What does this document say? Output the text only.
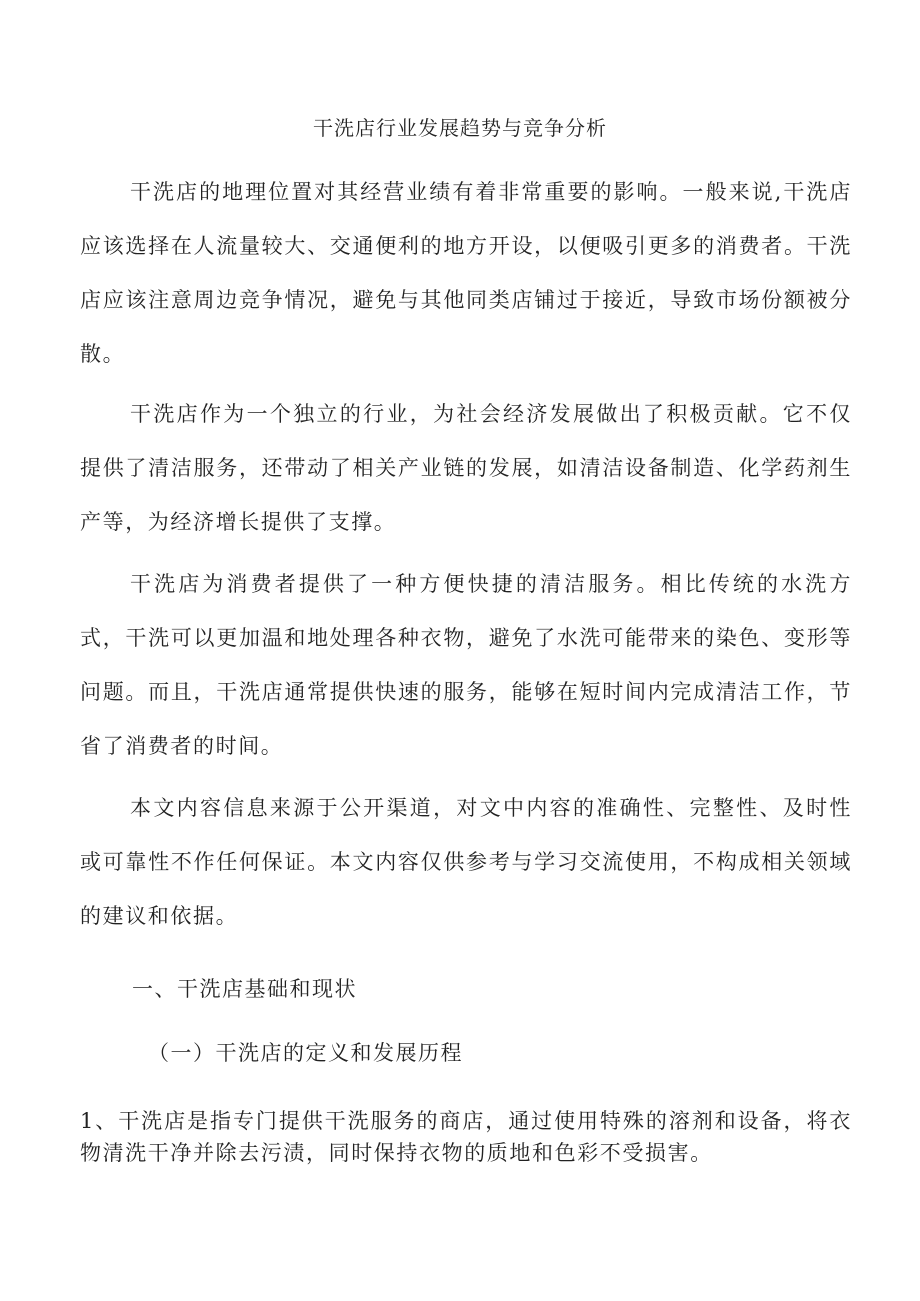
干洗店行业发展趋势与竞争分析

干洗店的地理位置对其经营业绩有着非常重要的影响。一般来说,干洗店应该选择在人流量较大、交通便利的地方开设，以便吸引更多的消费者。干洗店应该注意周边竞争情况，避免与其他同类店铺过于接近，导致市场份额被分散。

干洗店作为一个独立的行业，为社会经济发展做出了积极贡献。它不仅提供了清洁服务，还带动了相关产业链的发展，如清洁设备制造、化学药剂生产等，为经济增长提供了支撑。

干洗店为消费者提供了一种方便快捷的清洁服务。相比传统的水洗方式，干洗可以更加温和地处理各种衣物，避免了水洗可能带来的染色、变形等问题。而且，干洗店通常提供快速的服务，能够在短时间内完成清洁工作，节省了消费者的时间。

本文内容信息来源于公开渠道，对文中内容的准确性、完整性、及时性或可靠性不作任何保证。本文内容仅供参考与学习交流使用，不构成相关领域的建议和依据。

一、干洗店基础和现状
（一）干洗店的定义和发展历程

1、干洗店是指专门提供干洗服务的商店，通过使用特殊的溶剂和设备，将衣物清洗干净并除去污渍，同时保持衣物的质地和色彩不受损害。
